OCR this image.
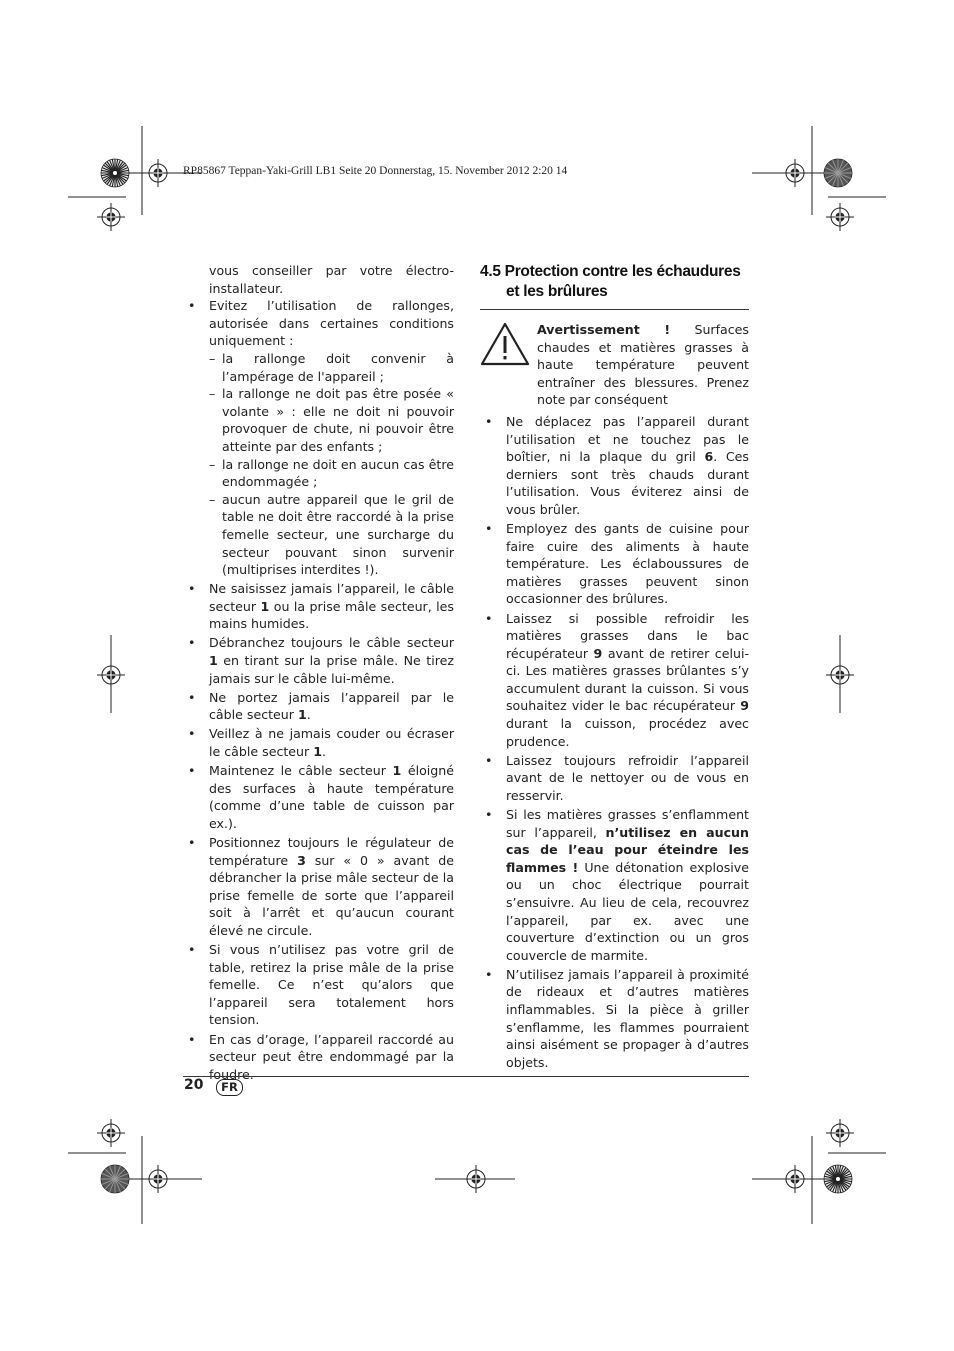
RP85867 Teppan-Yaki-Grill LB1 Seite 20 Donnerstag, 15. November 2012 2:20 14

vous conseiller par votre électro-installateur.

• Evitez l’utilisation de rallonges, autorisée dans certaines conditions uniquement :
– la rallonge doit convenir à l’ampérage de l'appareil ;
– la rallonge ne doit pas être posée « volante » : elle ne doit ni pouvoir provoquer de chute, ni pouvoir être atteinte par des enfants ;
– la rallonge ne doit en aucun cas être endommagée ;
– aucun autre appareil que le gril de table ne doit être raccordé à la prise femelle secteur, une surcharge du secteur pouvant sinon survenir (multiprises interdites !).
• Ne saisissez jamais l’appareil, le câble secteur 1 ou la prise mâle secteur, les mains humides.
• Débranchez toujours le câble secteur 1 en tirant sur la prise mâle. Ne tirez jamais sur le câble lui-même.
• Ne portez jamais l’appareil par le câble secteur 1.
• Veillez à ne jamais couder ou écraser le câble secteur 1.
• Maintenez le câble secteur 1 éloigné des surfaces à haute température (comme d’une table de cuisson par ex.).
• Positionnez toujours le régulateur de température 3 sur « 0 » avant de débrancher la prise mâle secteur de la prise femelle de sorte que l’appareil soit à l’arrêt et qu’aucun courant élevé ne circule.
• Si vous n’utilisez pas votre gril de table, retirez la prise mâle de la prise femelle. Ce n’est qu’alors que l’appareil sera totalement hors tension.
• En cas d’orage, l’appareil raccordé au secteur peut être endommagé par la foudre.
4.5 Protection contre les échaudures et les brûlures

Avertissement ! Surfaces chaudes et matières grasses à haute température peuvent entraîner des blessures. Prenez note par conséquent

• Ne déplacez pas l’appareil durant l’utilisation et ne touchez pas le boîtier, ni la plaque du gril 6. Ces derniers sont très chauds durant l’utilisation. Vous éviterez ainsi de vous brûler.
• Employez des gants de cuisine pour faire cuire des aliments à haute température. Les éclaboussures de matières grasses peuvent sinon occasionner des brûlures.
• Laissez si possible refroidir les matières grasses dans le bac récupérateur 9 avant de retirer celui-ci. Les matières grasses brûlantes s’y accumulent durant la cuisson. Si vous souhaitez vider le bac récupérateur 9 durant la cuisson, procédez avec prudence.
• Laissez toujours refroidir l’appareil avant de le nettoyer ou de vous en resservir.
• Si les matières grasses s’enflamment sur l’appareil, n’utilisez en aucun cas de l’eau pour éteindre les flammes ! Une détonation explosive ou un choc électrique pourrait s’ensuivre. Au lieu de cela, recouvrez l’appareil, par ex. avec une couverture d’extinction ou un gros couvercle de marmite.
• N’utilisez jamais l’appareil à proximité de rideaux et d’autres matières inflammables. Si la pièce à griller s’enflamme, les flammes pourraient ainsi aisément se propager à d’autres objets.
20	FR
